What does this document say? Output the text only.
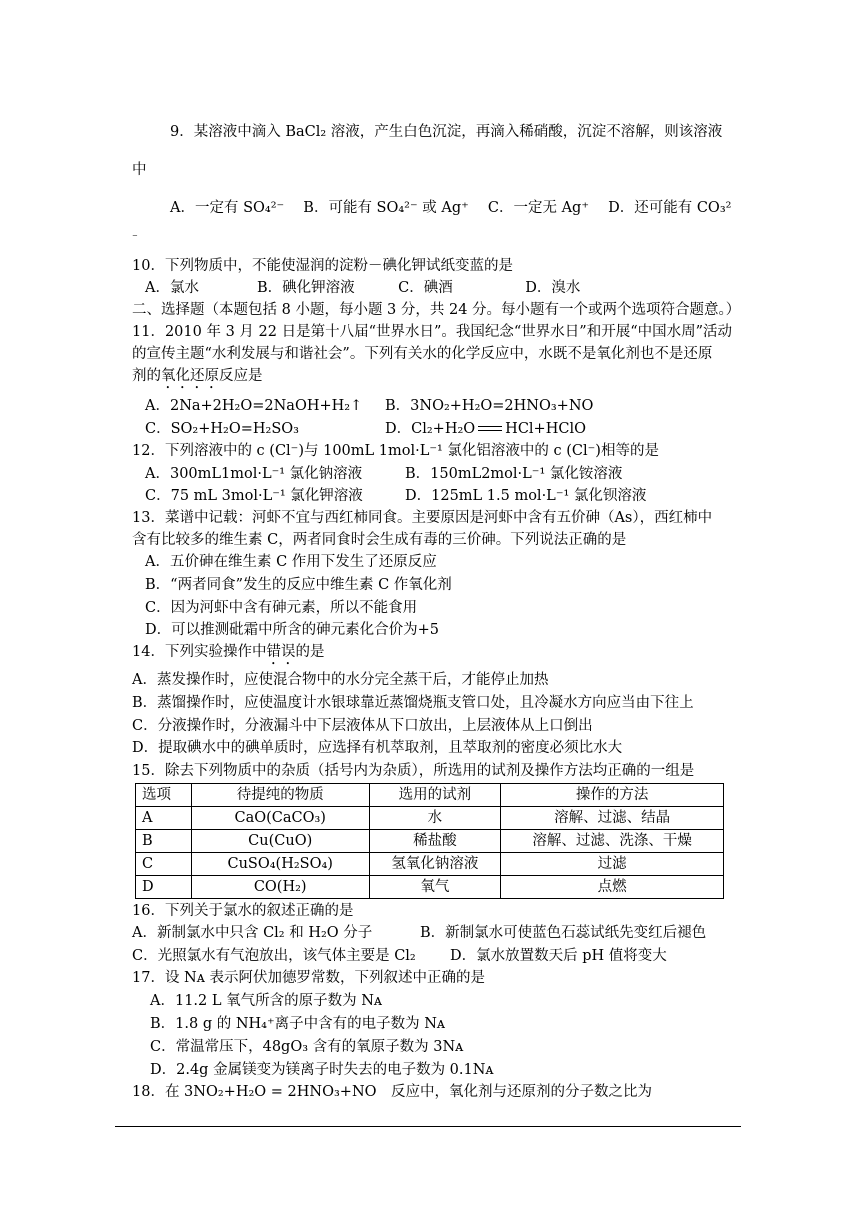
9．某溶液中滴入 BaCl₂ 溶液，产生白色沉淀，再滴入稀硝酸，沉淀不溶解，则该溶液
中
A．一定有 SO₄²⁻　 B．可能有 SO₄²⁻ 或 Ag⁺　 C．一定无 Ag⁺　 D．还可能有 CO₃²
⁻
10．下列物质中，不能使湿润的淀粉－碘化钾试纸变蓝的是
A．氯水　　　　B．碘化钾溶液　　　C．碘酒　　　　　D．溴水
二、选择题（本题包括 8 小题，每小题 3 分，共 24 分。每小题有一个或两个选项符合题意。）
11．2010 年 3 月 22 日是第十八届“世界水日”。我国纪念“世界水日”和开展“中国水周”活动
的宣传主题“水利发展与和谐社会”。下列有关水的化学反应中，水既不是氧化剂也不是还原
剂的氧化还原反应是
A．2Na+2H₂O=2NaOH+H₂↑ B．3NO₂+H₂O=2HNO₃+NO
C．SO₂+H₂O=H₂SO₃	D．Cl₂+H₂O HCl+HClO
12．下列溶液中的 c (Cl⁻)与 100mL 1mol·L⁻¹ 氯化铝溶液中的 c (Cl⁻)相等的是
A．300mL1mol·L⁻¹ 氯化钠溶液	B．150mL2mol·L⁻¹ 氯化铵溶液
C．75 mL 3mol·L⁻¹ 氯化钾溶液	D．125mL 1.5 mol·L⁻¹ 氯化钡溶液
13．菜谱中记载：河虾不宜与西红柿同食。主要原因是河虾中含有五价砷（As），西红柿中
含有比较多的维生素 C，两者同食时会生成有毒的三价砷。下列说法正确的是
A．五价砷在维生素 C 作用下发生了还原反应
B．“两者同食”发生的反应中维生素 C 作氧化剂
C．因为河虾中含有砷元素，所以不能食用
D．可以推测砒霜中所含的砷元素化合价为+5
14．下列实验操作中错误的是
A．蒸发操作时，应使混合物中的水分完全蒸干后，才能停止加热
B．蒸馏操作时，应使温度计水银球靠近蒸馏烧瓶支管口处，且冷凝水方向应当由下往上
C．分液操作时，分液漏斗中下层液体从下口放出，上层液体从上口倒出
D．提取碘水中的碘单质时，应选择有机萃取剂，且萃取剂的密度必须比水大
15．除去下列物质中的杂质（括号内为杂质），所选用的试剂及操作方法均正确的一组是
选项	待提纯的物质	选用的试剂	操作的方法
A	CaO(CaCO₃)	水	溶解、过滤、结晶
B	Cu(CuO)	稀盐酸	溶解、过滤、洗涤、干燥
C	CuSO₄(H₂SO₄)	氢氧化钠溶液	过滤
D	CO(H₂)	氧气	点燃
16．下列关于氯水的叙述正确的是
A．新制氯水中只含 Cl₂ 和 H₂O 分子	B．新制氯水可使蓝色石蕊试纸先变红后褪色
C．光照氯水有气泡放出，该气体主要是 Cl₂ D．氯水放置数天后 pH 值将变大
17．设 Nᴀ 表示阿伏加德罗常数，下列叙述中正确的是
A．11.2 L 氧气所含的原子数为 Nᴀ
B．1.8 g 的 NH₄⁺离子中含有的电子数为 Nᴀ
C．常温常压下，48gO₃ 含有的氧原子数为 3Nᴀ
D．2.4g 金属镁变为镁离子时失去的电子数为 0.1Nᴀ
18．在 3NO₂+H₂O = 2HNO₃+NO　反应中，氧化剂与还原剂的分子数之比为
